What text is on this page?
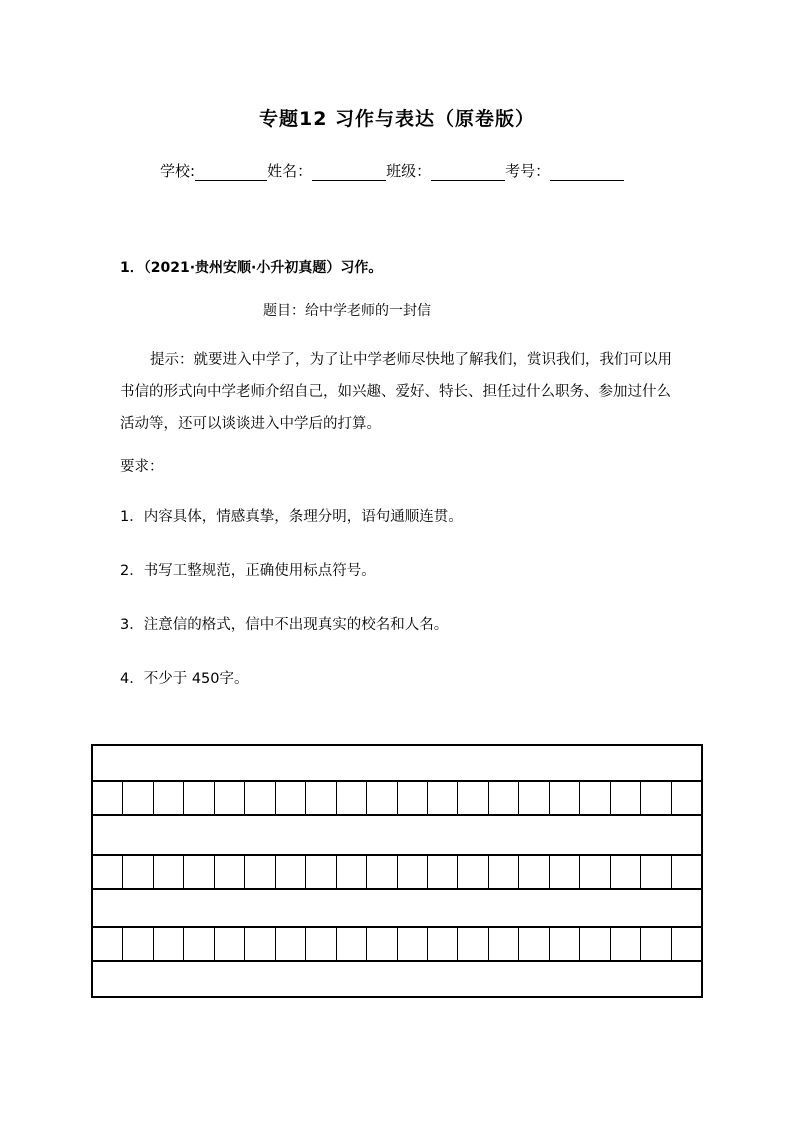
专题12 习作与表达（原卷版）
学校:	姓名：	班级：	考号：
1．（2021·贵州安顺·小升初真题）习作。
题目：给中学老师的一封信

提示：就要进入中学了，为了让中学老师尽快地了解我们，赏识我们，我们可以用书信的形式向中学老师介绍自己，如兴趣、爱好、特长、担任过什么职务、参加过什么活动等，还可以谈谈进入中学后的打算。

要求：
1．内容具体，情感真挚，条理分明，语句通顺连贯。
2．书写工整规范，正确使用标点符号。
3．注意信的格式，信中不出现真实的校名和人名。
4．不少于 450字。
